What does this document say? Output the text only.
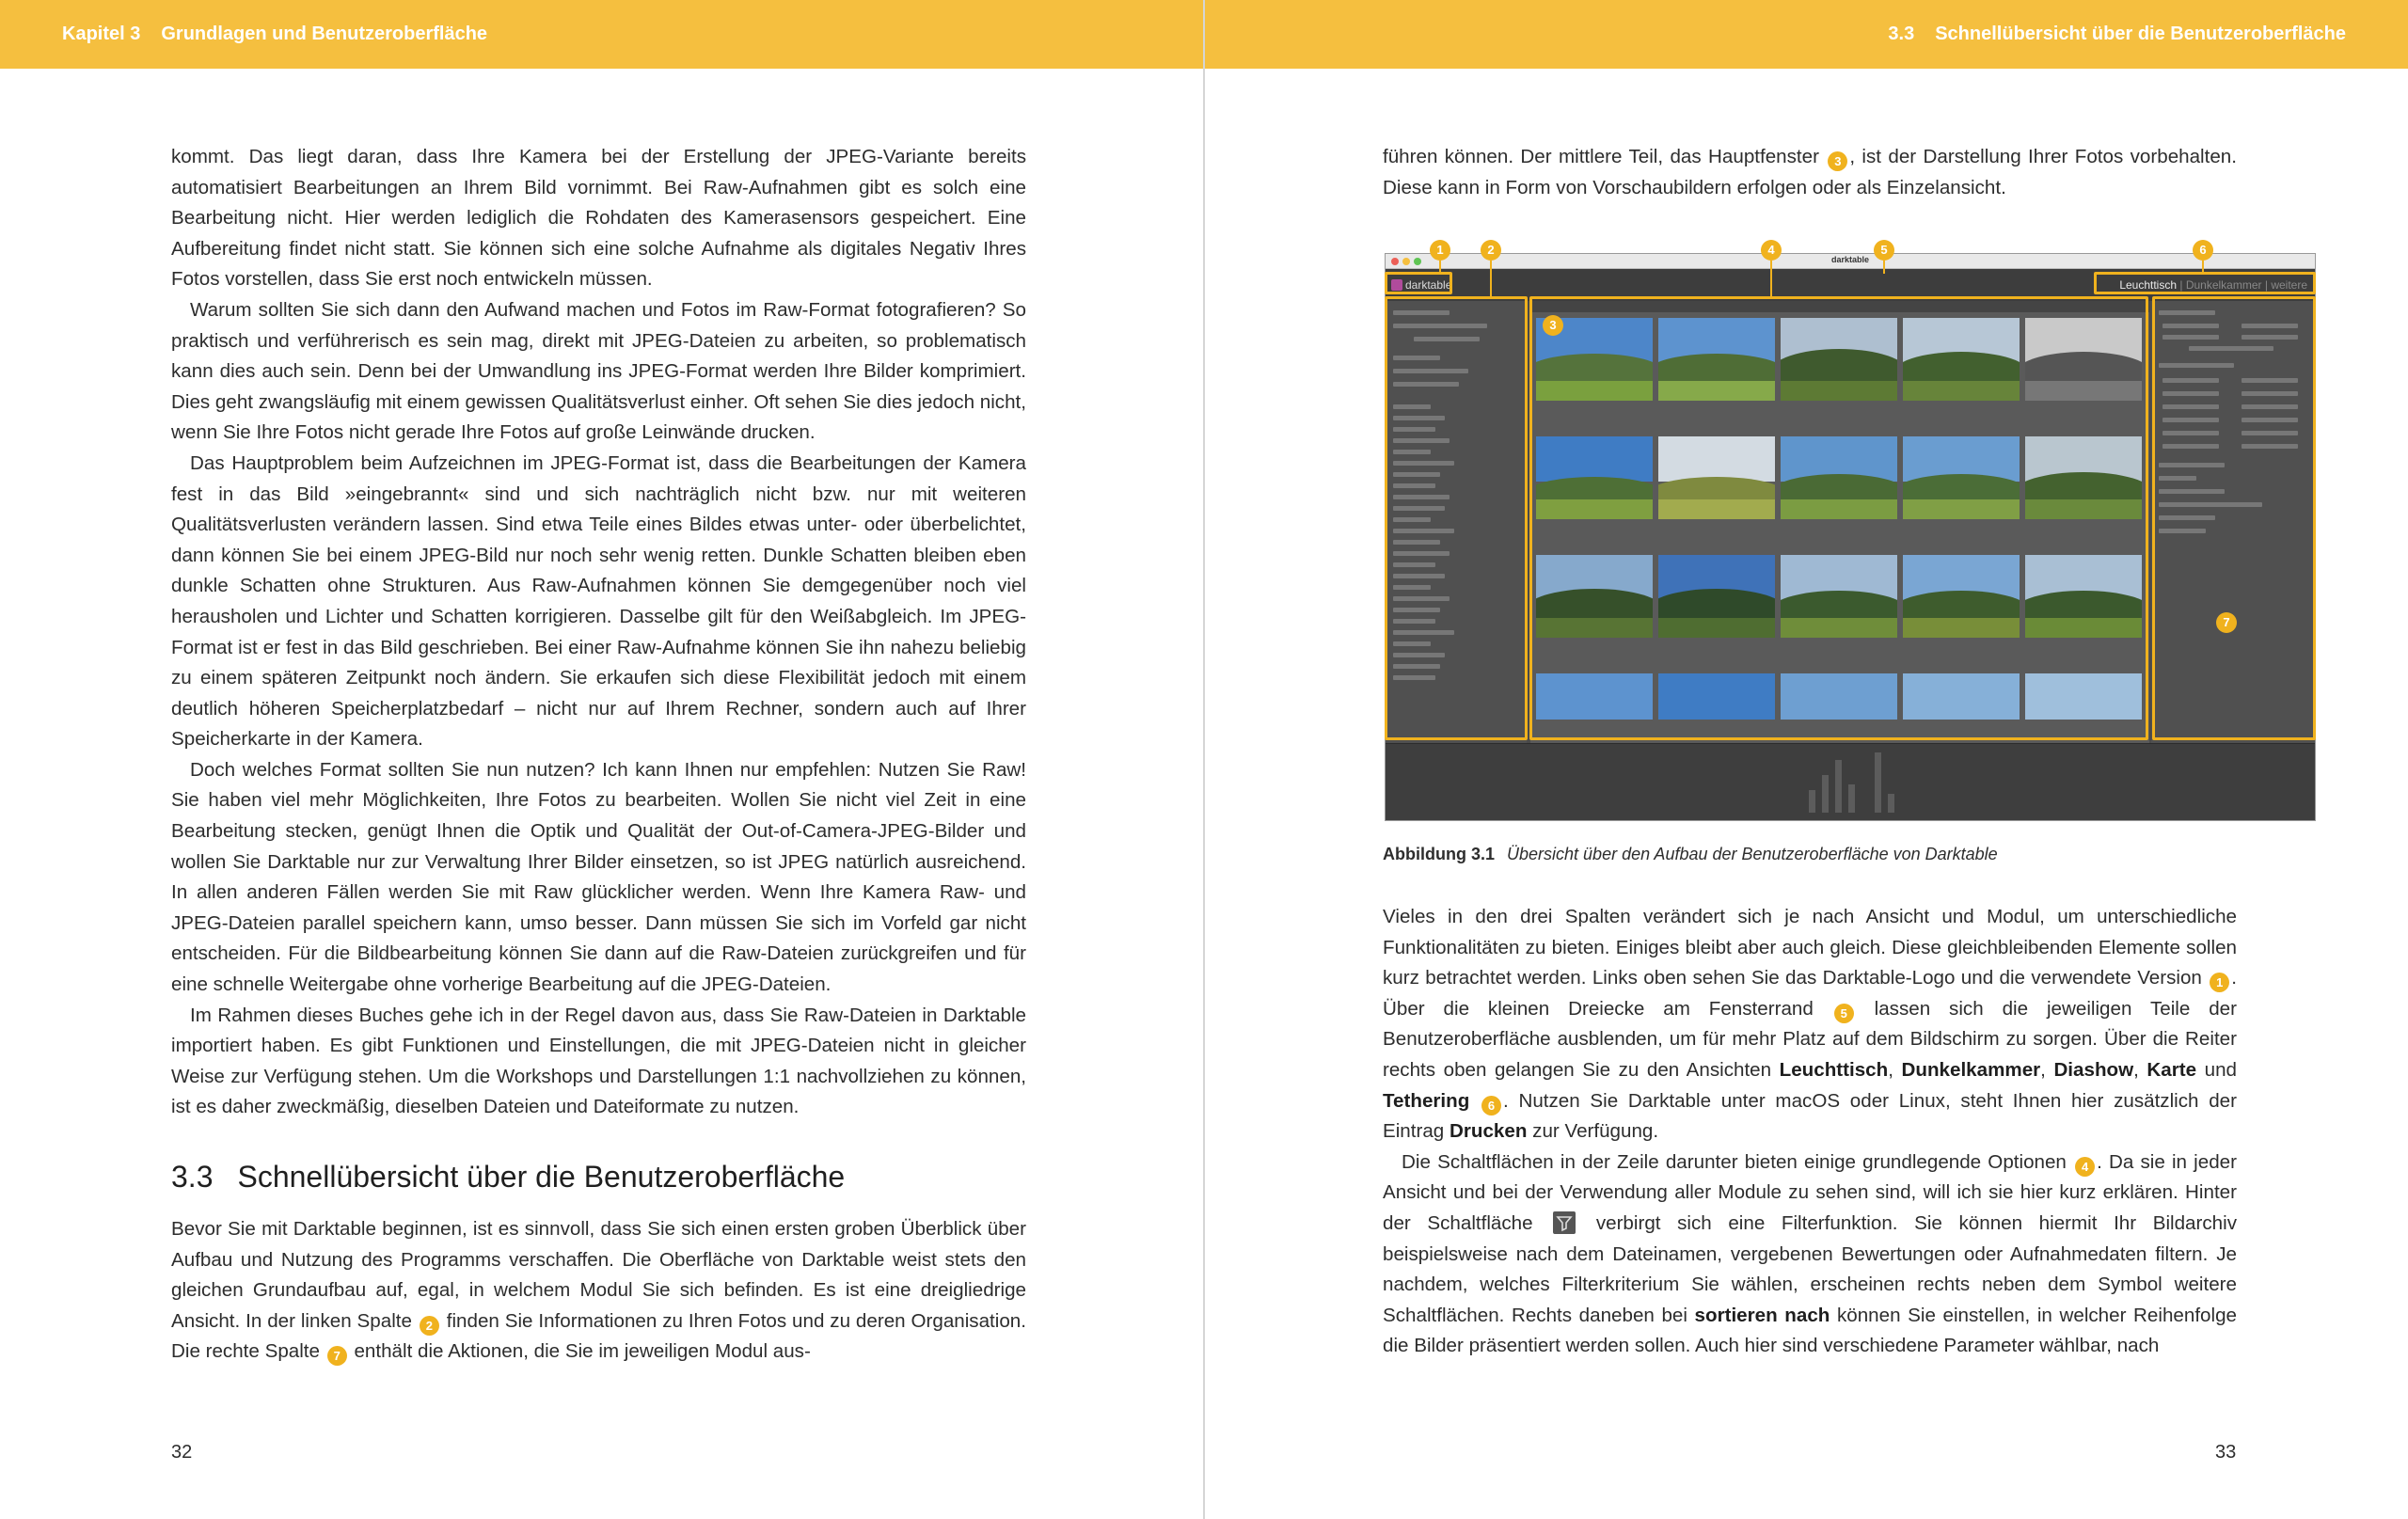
Kapitel 3 Grundlagen und Benutzeroberfläche	3.3 Schnellübersicht über die Benutzeroberfläche

kommt. Das liegt daran, dass Ihre Kamera bei der Erstellung der JPEG-Variante bereits automatisiert Bearbeitungen an Ihrem Bild vornimmt. Bei Raw-Aufnahmen gibt es solch eine Bearbeitung nicht. Hier werden lediglich die Rohdaten des Kamerasensors gespeichert. Eine Aufbereitung findet nicht statt. Sie können sich eine solche Aufnahme als digitales Negativ Ihres Fotos vorstellen, dass Sie erst noch entwickeln müssen.

Warum sollten Sie sich dann den Aufwand machen und Fotos im Raw-Format fotografieren? So praktisch und verführerisch es sein mag, direkt mit JPEG-Dateien zu arbeiten, so problematisch kann dies auch sein. Denn bei der Umwandlung ins JPEG-Format werden Ihre Bilder komprimiert. Dies geht zwangsläufig mit einem gewissen Qualitätsverlust einher. Oft sehen Sie dies jedoch nicht, wenn Sie Ihre Fotos nicht gerade Ihre Fotos auf große Leinwände drucken.

Das Hauptproblem beim Aufzeichnen im JPEG-Format ist, dass die Bearbeitungen der Kamera fest in das Bild »eingebrannt« sind und sich nachträglich nicht bzw. nur mit weiteren Qualitätsverlusten verändern lassen. Sind etwa Teile eines Bildes etwas unter- oder überbelichtet, dann können Sie bei einem JPEG-Bild nur noch sehr wenig retten. Dunkle Schatten bleiben eben dunkle Schatten ohne Strukturen. Aus Raw-Aufnahmen können Sie demgegenüber noch viel herausholen und Lichter und Schatten korrigieren. Dasselbe gilt für den Weißabgleich. Im JPEG-Format ist er fest in das Bild geschrieben. Bei einer Raw-Aufnahme können Sie ihn nahezu beliebig zu einem späteren Zeitpunkt noch ändern. Sie erkaufen sich diese Flexibilität jedoch mit einem deutlich höheren Speicherplatzbedarf – nicht nur auf Ihrem Rechner, sondern auch auf Ihrer Speicherkarte in der Kamera.

Doch welches Format sollten Sie nun nutzen? Ich kann Ihnen nur empfehlen: Nutzen Sie Raw! Sie haben viel mehr Möglichkeiten, Ihre Fotos zu bearbeiten. Wollen Sie nicht viel Zeit in eine Bearbeitung stecken, genügt Ihnen die Optik und Qualität der Out-of-Camera-JPEG-Bilder und wollen Sie Darktable nur zur Verwaltung Ihrer Bilder einsetzen, so ist JPEG natürlich ausreichend. In allen anderen Fällen werden Sie mit Raw glücklicher werden. Wenn Ihre Kamera Raw- und JPEG-Dateien parallel speichern kann, umso besser. Dann müssen Sie sich im Vorfeld gar nicht entscheiden. Für die Bildbearbeitung können Sie dann auf die Raw-Dateien zurückgreifen und für eine schnelle Weitergabe ohne vorherige Bearbeitung auf die JPEG-Dateien.

Im Rahmen dieses Buches gehe ich in der Regel davon aus, dass Sie Raw-Dateien in Darktable importiert haben. Es gibt Funktionen und Einstellungen, die mit JPEG-Dateien nicht in gleicher Weise zur Verfügung stehen. Um die Workshops und Darstellungen 1:1 nachvollziehen zu können, ist es daher zweckmäßig, dieselben Dateien und Dateiformate zu nutzen.

3.3 Schnellübersicht über die Benutzeroberfläche

Bevor Sie mit Darktable beginnen, ist es sinnvoll, dass Sie sich einen ersten groben Überblick über Aufbau und Nutzung des Programms verschaffen. Die Oberfläche von Darktable weist stets den gleichen Grundaufbau auf, egal, in welchem Modul Sie sich befinden. Es ist eine dreigliedrige Ansicht. In der linken Spalte 2 finden Sie Informationen zu Ihren Fotos und zu deren Organisation. Die rechte Spalte 7 enthält die Aktionen, die Sie im jeweiligen Modul aus-

32

führen können. Der mittlere Teil, das Hauptfenster 3 , ist der Darstellung Ihrer Fotos vorbehalten. Diese kann in Form von Vorschaubildern erfolgen oder als Einzelansicht.

darktable
darktable	Leuchttisch | Dunkelkammer | weitere
1	2
3
4	5	6
7
Abbildung 3.1 Übersicht über den Aufbau der Benutzeroberfläche von Darktable

Vieles in den drei Spalten verändert sich je nach Ansicht und Modul, um unterschiedliche Funktionalitäten zu bieten. Einiges bleibt aber auch gleich. Diese gleichbleibenden Elemente sollen kurz betrachtet werden. Links oben sehen Sie das Darktable-Logo und die verwendete Version 1 . Über die kleinen Dreiecke am Fensterrand 5 lassen sich die jeweiligen Teile der Benutzeroberfläche ausblenden, um für mehr Platz auf dem Bildschirm zu sorgen. Über die Reiter rechts oben gelangen Sie zu den Ansichten Leuchttisch, Dunkelkammer, Diashow, Karte und Tethering 6 . Nutzen Sie Darktable unter macOS oder Linux, steht Ihnen hier zusätzlich der Eintrag Drucken zur Verfügung.

Die Schaltflächen in der Zeile darunter bieten einige grundlegende Optionen 4 . Da sie in jeder Ansicht und bei der Verwendung aller Module zu sehen sind, will ich sie hier kurz erklären. Hinter der Schaltfläche	verbirgt sich eine Filterfunktion. Sie können hiermit Ihr Bildarchiv beispielsweise nach dem Dateinamen, vergebenen Bewertungen oder Aufnahmedaten filtern. Je nachdem, welches Filterkriterium Sie wählen, erscheinen rechts neben dem Symbol weitere Schaltflächen. Rechts daneben bei sortieren nach können Sie einstellen, in welcher Reihenfolge die Bilder präsentiert werden sollen. Auch hier sind verschiedene Parameter wählbar, nach

33
